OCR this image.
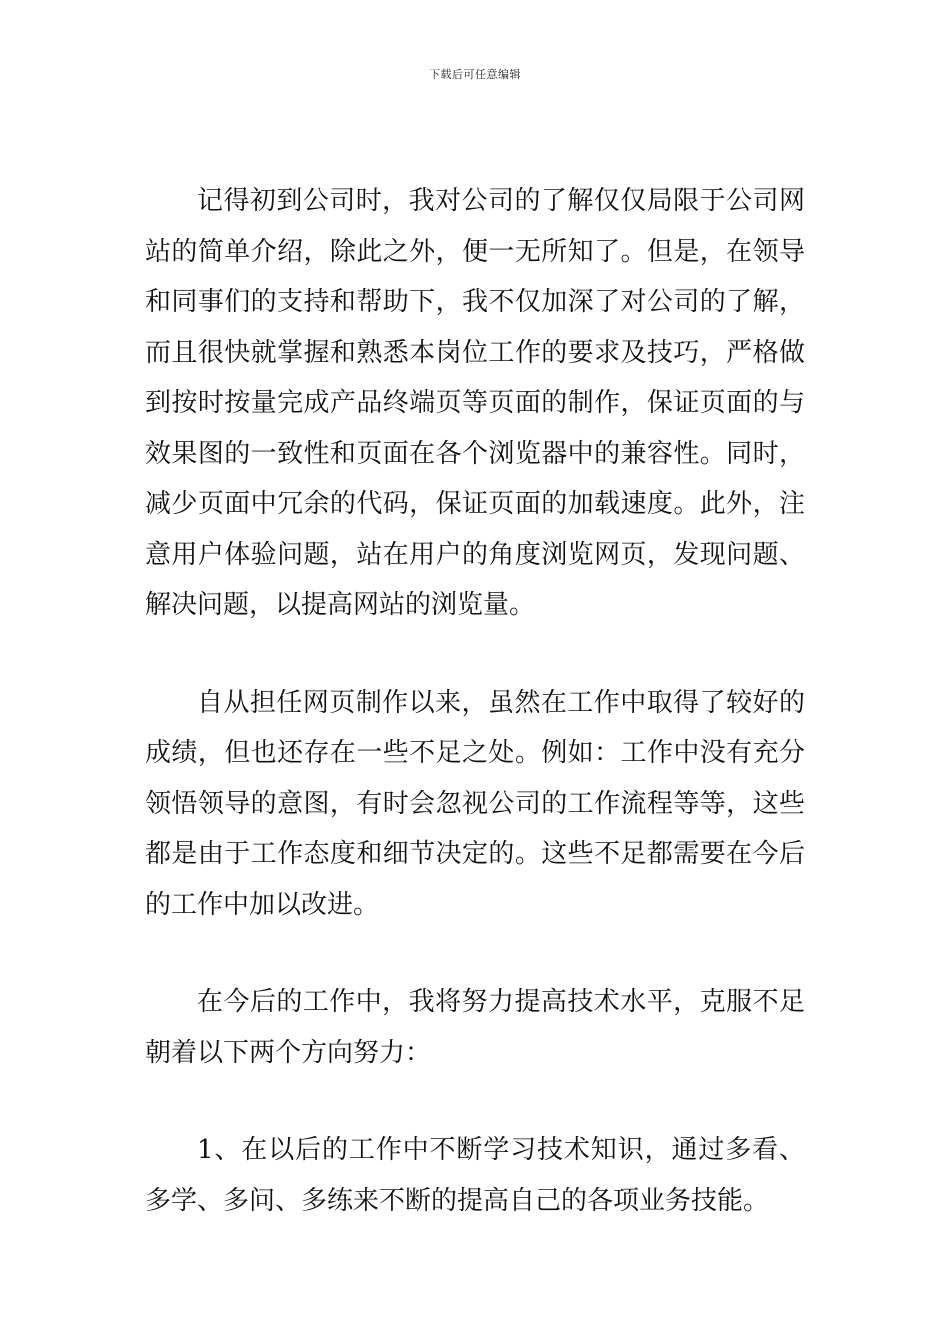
下载后可任意编辑

记得初到公司时，我对公司的了解仅仅局限于公司网站的简单介绍，除此之外，便一无所知了。但是，在领导和同事们的支持和帮助下，我不仅加深了对公司的了解，而且很快就掌握和熟悉本岗位工作的要求及技巧，严格做到按时按量完成产品终端页等页面的制作，保证页面的与效果图的一致性和页面在各个浏览器中的兼容性。同时，减少页面中冗余的代码，保证页面的加载速度。此外，注意用户体验问题，站在用户的角度浏览网页，发现问题、解决问题，以提高网站的浏览量。

自从担任网页制作以来，虽然在工作中取得了较好的成绩，但也还存在一些不足之处。例如：工作中没有充分领悟领导的意图，有时会忽视公司的工作流程等等，这些都是由于工作态度和细节决定的。这些不足都需要在今后的工作中加以改进。

在今后的工作中，我将努力提高技术水平，克服不足朝着以下两个方向努力：

1、在以后的工作中不断学习技术知识，通过多看、多学、多问、多练来不断的提高自己的各项业务技能。
